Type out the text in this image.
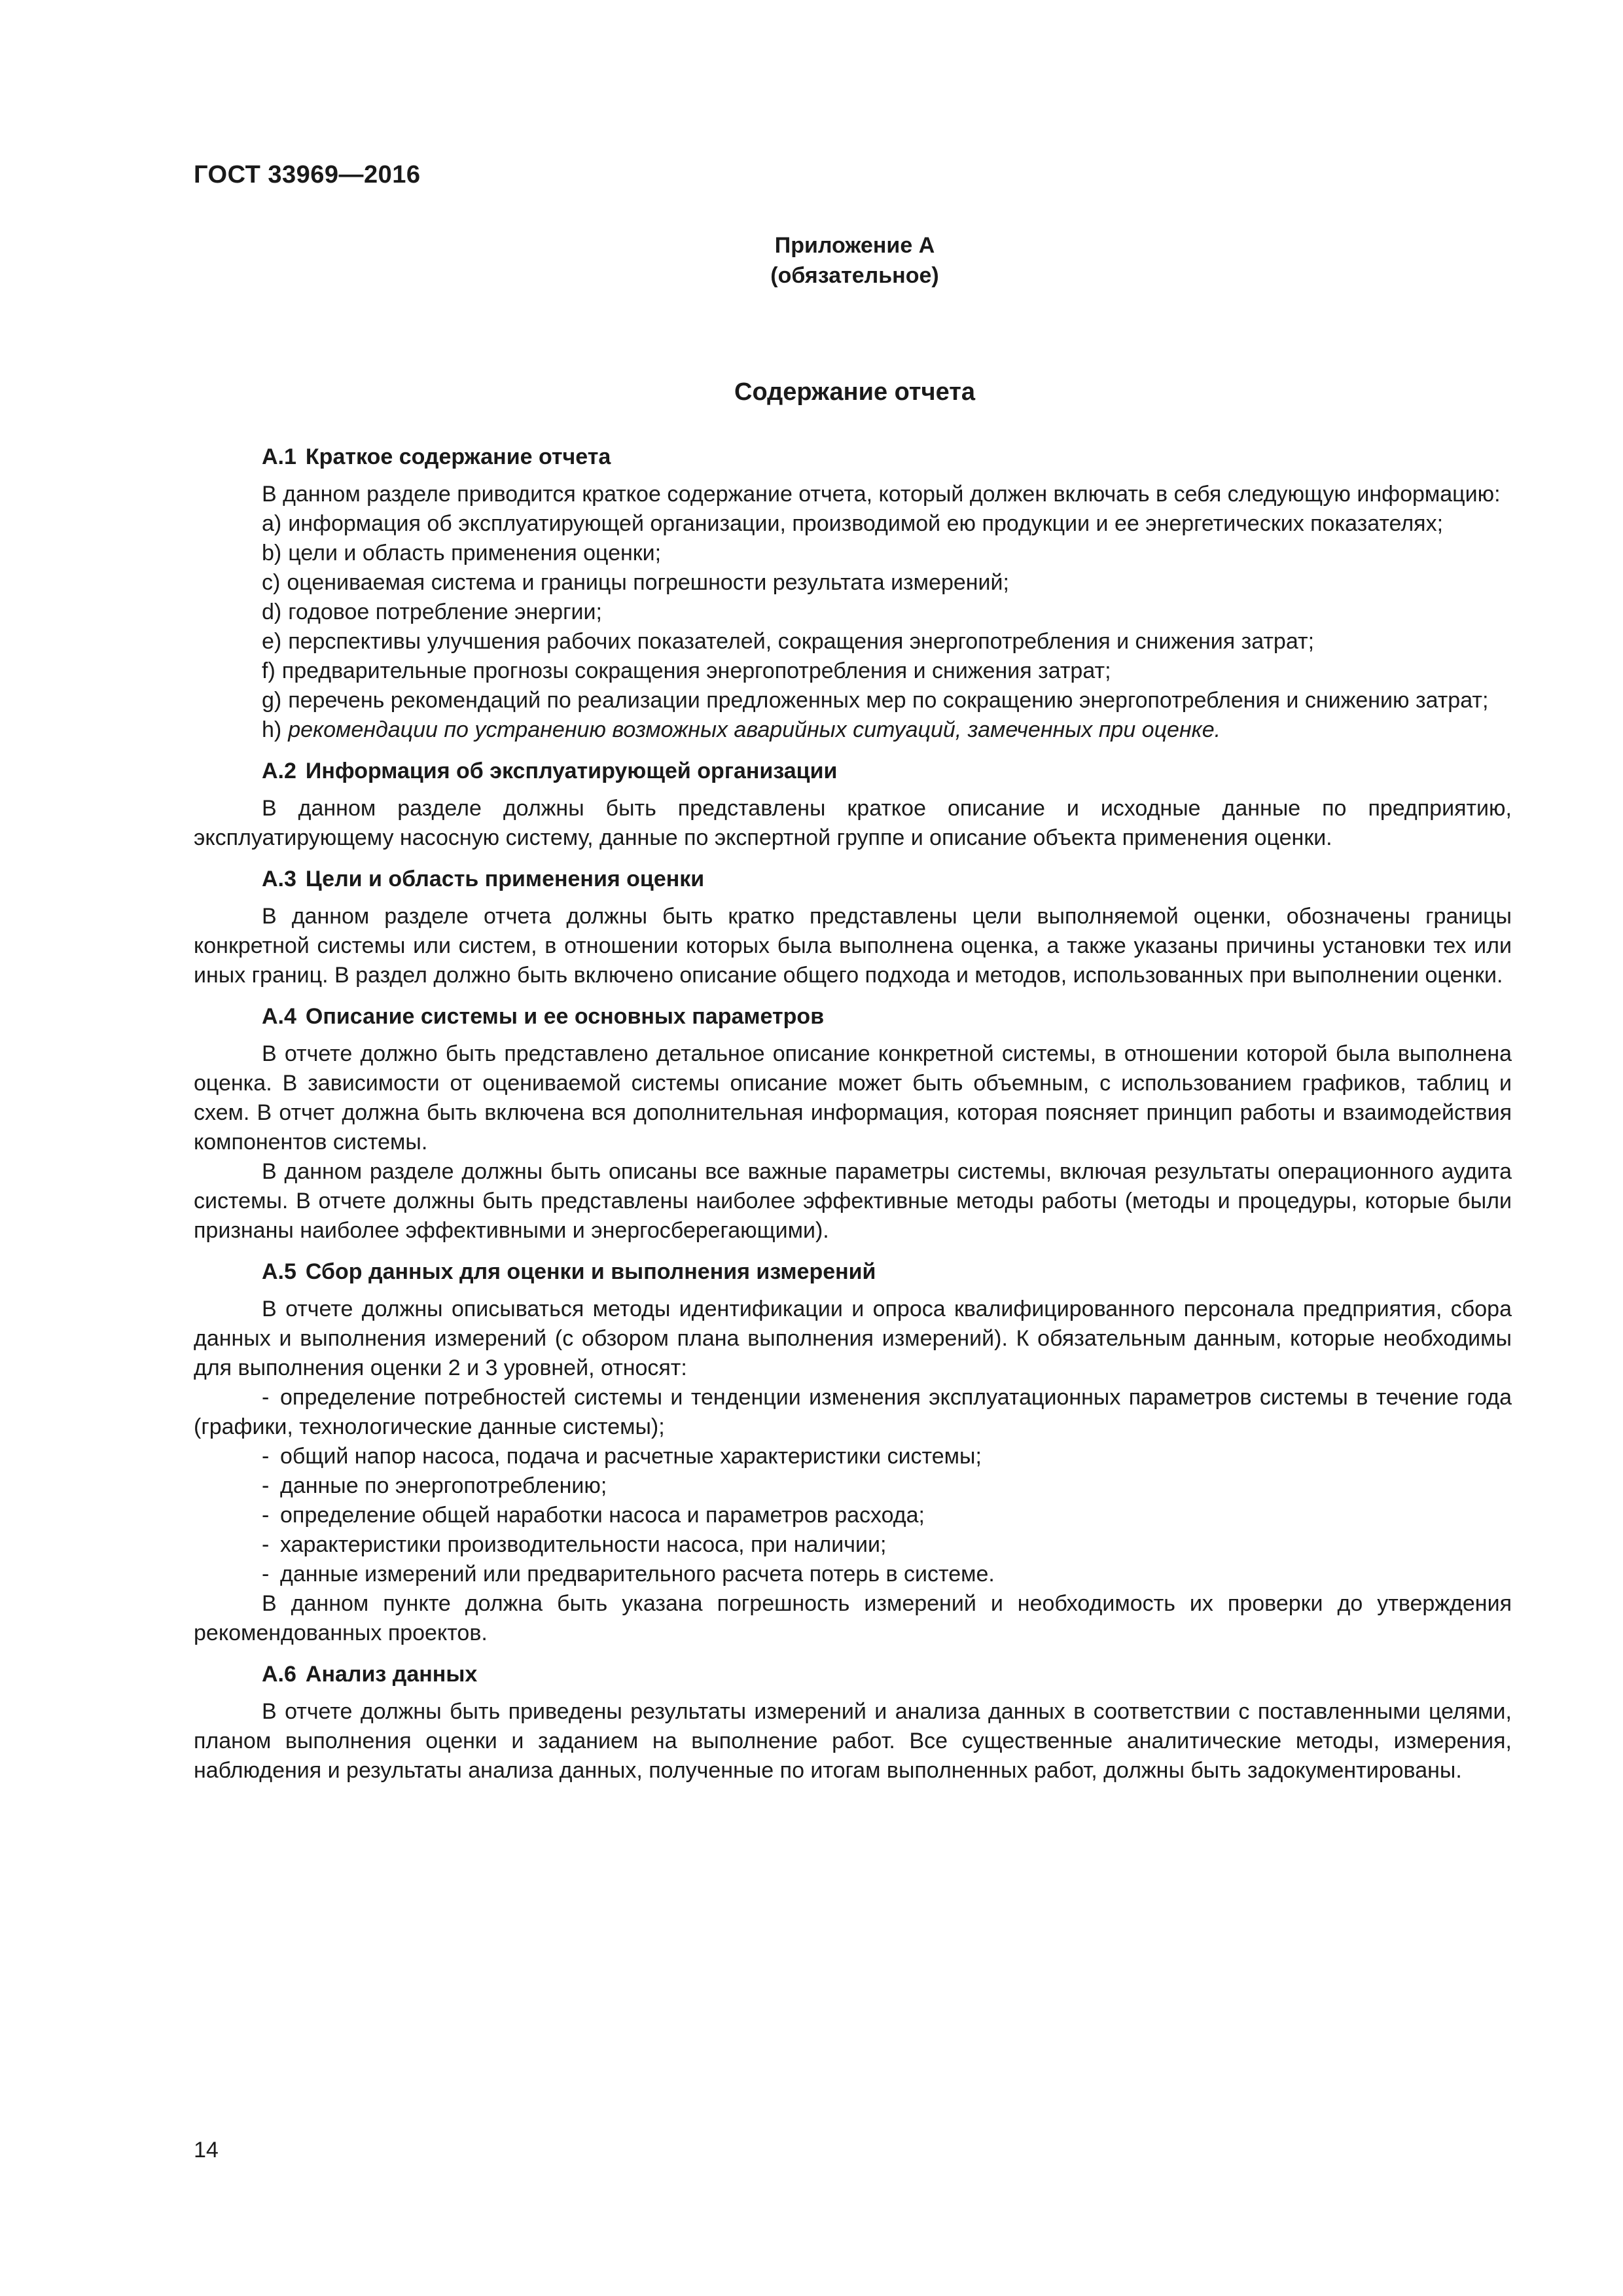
ГОСТ 33969—2016
Приложение А
(обязательное)
Содержание отчета
А.1 Краткое содержание отчета

В данном разделе приводится краткое содержание отчета, который должен включать в себя следующую информацию:

a) информация об эксплуатирующей организации, производимой ею продукции и ее энергетических показателях;
b) цели и область применения оценки;
c) оцениваемая система и границы погрешности результата измерений;
d) годовое потребление энергии;
e) перспективы улучшения рабочих показателей, сокращения энергопотребления и снижения затрат;
f) предварительные прогнозы сокращения энергопотребления и снижения затрат;
g) перечень рекомендаций по реализации предложенных мер по сокращению энергопотребления и снижению затрат;
h) рекомендации по устранению возможных аварийных ситуаций, замеченных при оценке.
А.2 Информация об эксплуатирующей организации

В данном разделе должны быть представлены краткое описание и исходные данные по предприятию, эксплуатирующему насосную систему, данные по экспертной группе и описание объекта применения оценки.

А.3 Цели и область применения оценки

В данном разделе отчета должны быть кратко представлены цели выполняемой оценки, обозначены границы конкретной системы или систем, в отношении которых была выполнена оценка, а также указаны причины установки тех или иных границ. В раздел должно быть включено описание общего подхода и методов, использованных при выполнении оценки.

А.4 Описание системы и ее основных параметров

В отчете должно быть представлено детальное описание конкретной системы, в отношении которой была выполнена оценка. В зависимости от оцениваемой системы описание может быть объемным, с использованием графиков, таблиц и схем. В отчет должна быть включена вся дополнительная информация, которая поясняет принцип работы и взаимодействия компонентов системы.

В данном разделе должны быть описаны все важные параметры системы, включая результаты операционного аудита системы. В отчете должны быть представлены наиболее эффективные методы работы (методы и процедуры, которые были признаны наиболее эффективными и энергосберегающими).

А.5 Сбор данных для оценки и выполнения измерений

В отчете должны описываться методы идентификации и опроса квалифицированного персонала предприятия, сбора данных и выполнения измерений (с обзором плана выполнения измерений). К обязательным данным, которые необходимы для выполнения оценки 2 и 3 уровней, относят:

- определение потребностей системы и тенденции изменения эксплуатационных параметров системы в течение года (графики, технологические данные системы);
- общий напор насоса, подача и расчетные характеристики системы;
- данные по энергопотреблению;
- определение общей наработки насоса и параметров расхода;
- характеристики производительности насоса, при наличии;
- данные измерений или предварительного расчета потерь в системе.

В данном пункте должна быть указана погрешность измерений и необходимость их проверки до утверждения рекомендованных проектов.

А.6 Анализ данных

В отчете должны быть приведены результаты измерений и анализа данных в соответствии с поставленными целями, планом выполнения оценки и заданием на выполнение работ. Все существенные аналитические методы, измерения, наблюдения и результаты анализа данных, полученные по итогам выполненных работ, должны быть задокументированы.

14
